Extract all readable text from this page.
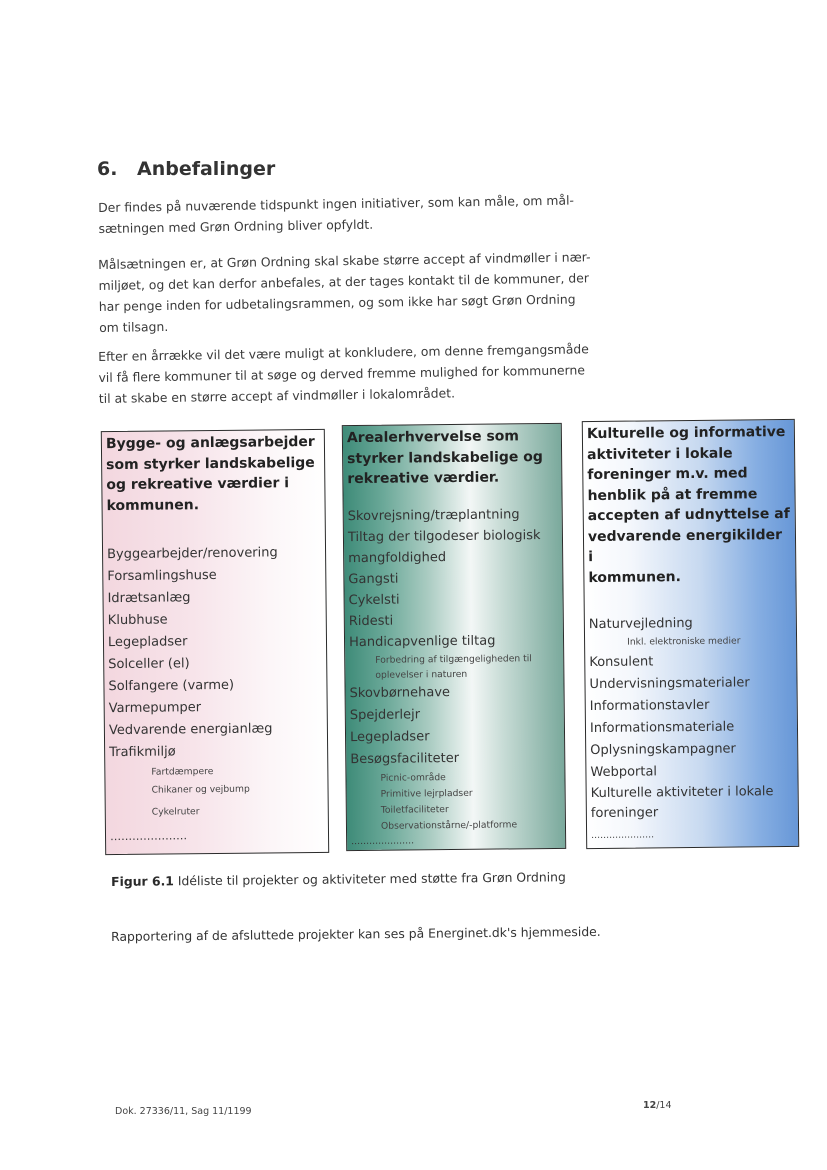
6. Anbefalinger
Der findes på nuværende tidspunkt ingen initiativer, som kan måle, om mål-
sætningen med Grøn Ordning bliver opfyldt.
Målsætningen er, at Grøn Ordning skal skabe større accept af vindmøller i nær-
miljøet, og det kan derfor anbefales, at der tages kontakt til de kommuner, der
har penge inden for udbetalingsrammen, og som ikke har søgt Grøn Ordning
om tilsagn.
Efter en årrække vil det være muligt at konkludere, om denne fremgangsmåde
vil få flere kommuner til at søge og derved fremme mulighed for kommunerne
til at skabe en større accept af vindmøller i lokalområdet.
Bygge- og anlægsarbejder
som styrker landskabelige
og rekreative værdier i
kommunen.
Byggearbejder/renovering
Forsamlingshuse
Idrætsanlæg
Klubhuse
Legepladser
Solceller (el)
Solfangere (varme)
Varmepumper
Vedvarende energianlæg
Trafikmiljø
Fartdæmpere
Chikaner og vejbump
Cykelruter
…………………
Arealerhvervelse som
styrker landskabelige og
rekreative værdier.
Skovrejsning/træplantning
Tiltag der tilgodeser biologisk
mangfoldighed
Gangsti
Cykelsti
Ridesti
Handicapvenlige tiltag
Forbedring af tilgængeligheden til
oplevelser i naturen
Skovbørnehave
Spejderlejr
Legepladser
Besøgsfaciliteter
Picnic-område
Primitive lejrpladser
Toiletfaciliteter
Observationstårne/-platforme
…………………
Kulturelle og informative
aktiviteter i lokale
foreninger m.v. med
henblik på at fremme
accepten af udnyttelse af
vedvarende energikilder i
kommunen.
Naturvejledning
Inkl. elektroniske medier
Konsulent
Undervisningsmaterialer
Informationstavler
Informationsmateriale
Oplysningskampagner
Webportal
Kulturelle aktiviteter i lokale
foreninger
…………………
Figur 6.1 Idéliste til projekter og aktiviteter med støtte fra Grøn Ordning
Rapportering af de afsluttede projekter kan ses på Energinet.dk's hjemmeside.
Dok. 27336/11, Sag 11/1199
12/14
